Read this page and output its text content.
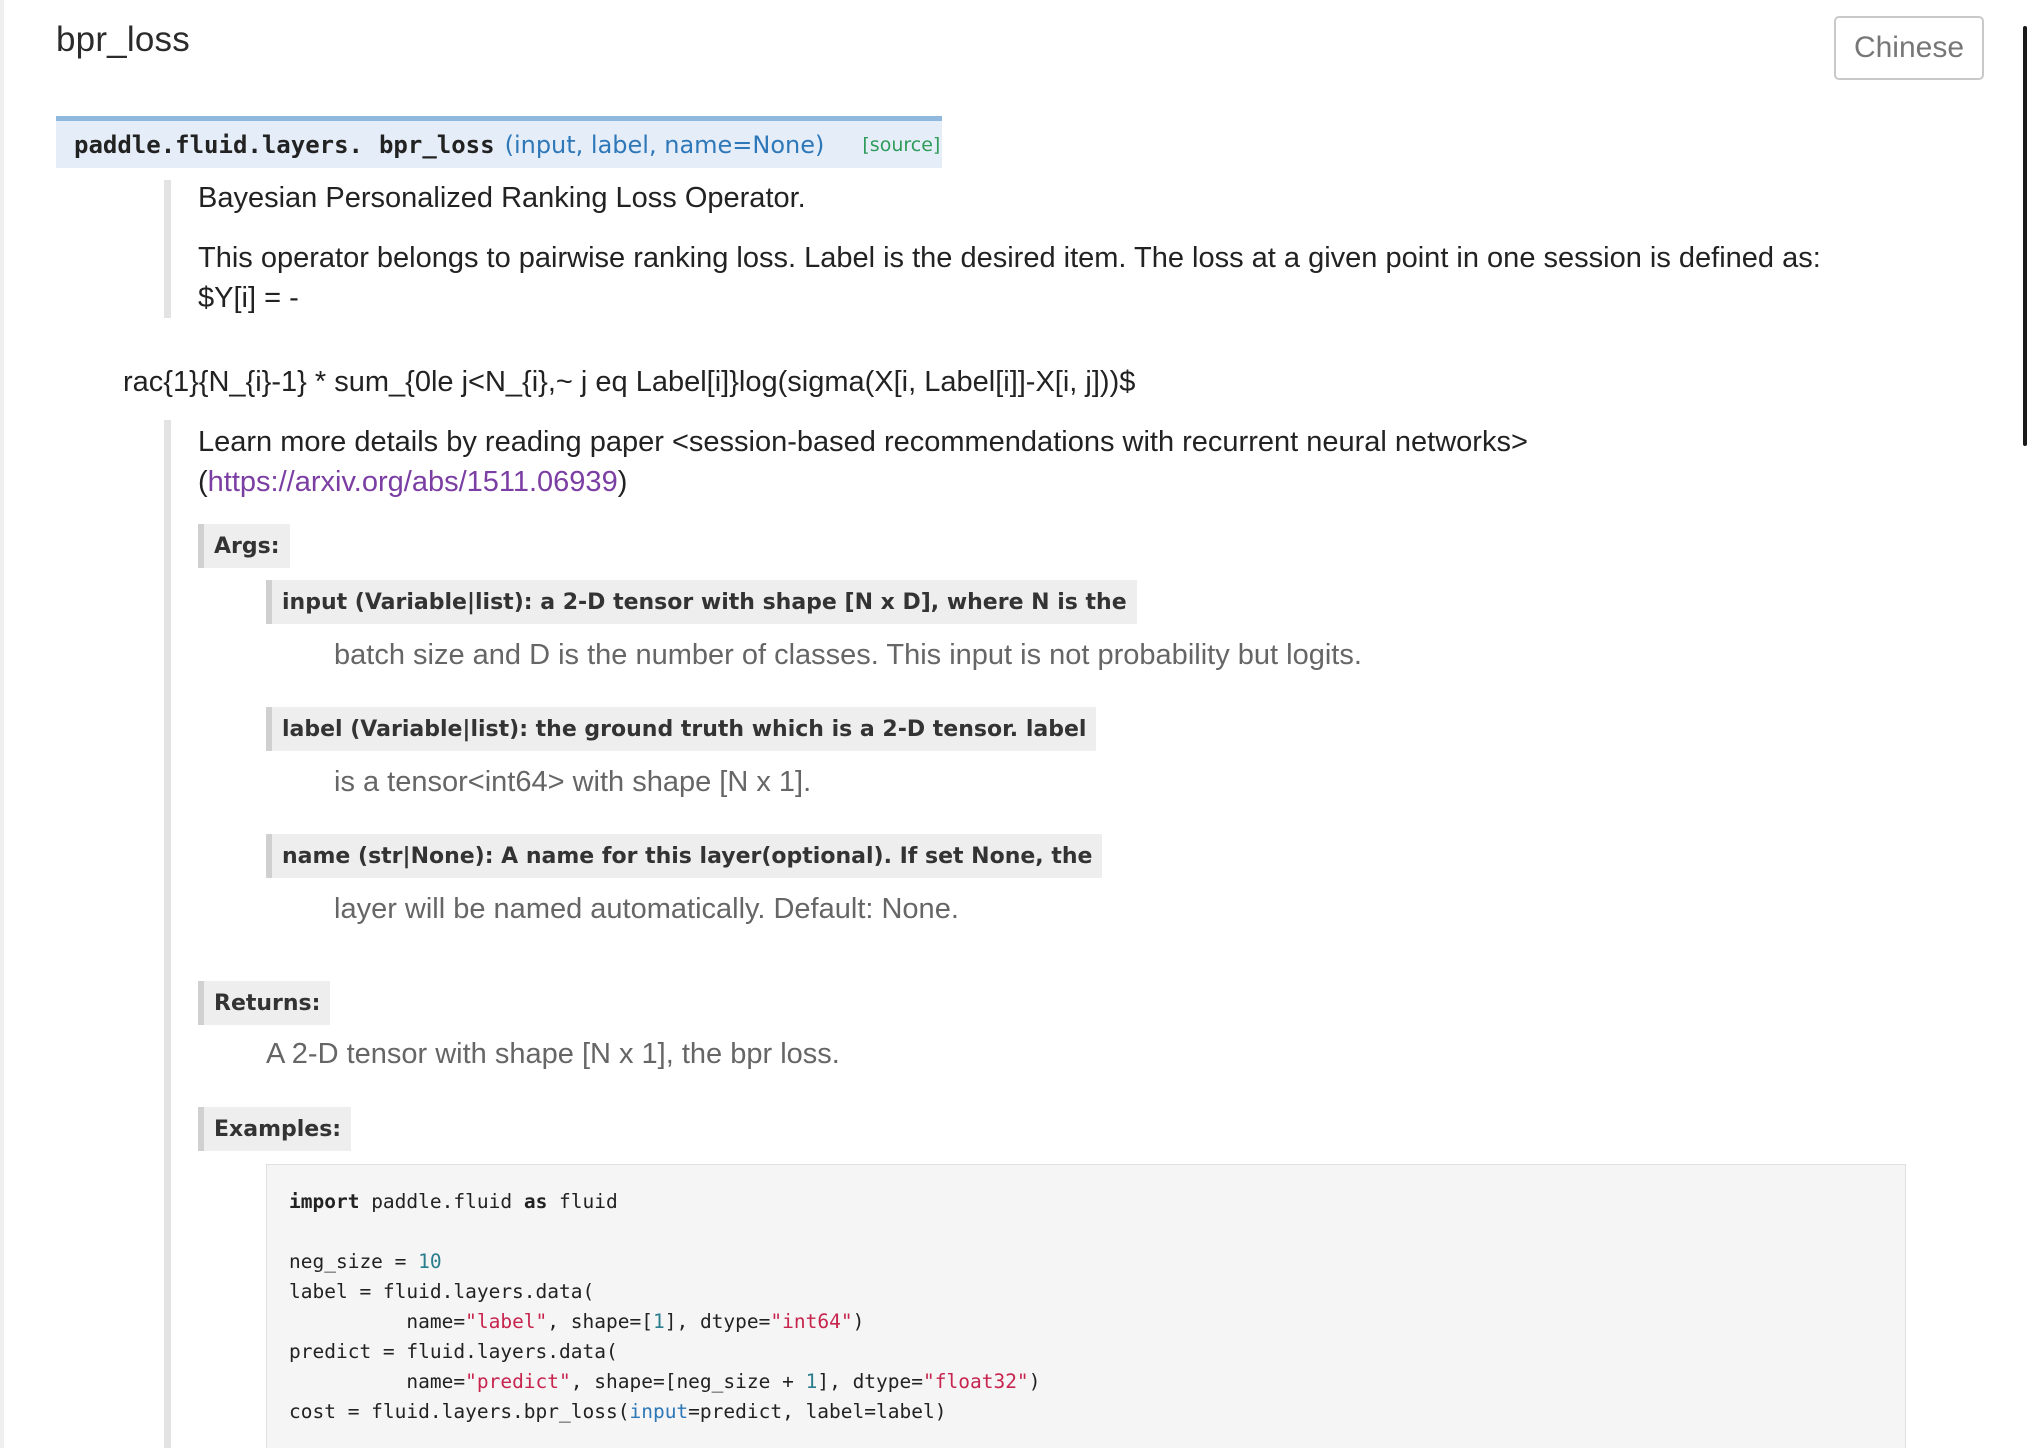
bpr_loss	Chinese
paddle.fluid.layers. bpr_loss (input, label, name=None) [source]

Bayesian Personalized Ranking Loss Operator.

This operator belongs to pairwise ranking loss. Label is the desired item. The loss at a given point in one session is defined as:

$Y[i] = -

rac{1}{N_{i}-1} * sum_{0le j<N_{i},~ j eq Label[i]}log(sigma(X[i, Label[i]]-X[i, j]))$

Learn more details by reading paper <session-based recommendations with recurrent neural networks>

(https://arxiv.org/abs/1511.06939)

Args:
input (Variable|list): a 2-D tensor with shape [N x D], where N is the

batch size and D is the number of classes. This input is not probability but logits.

label (Variable|list): the ground truth which is a 2-D tensor. label

is a tensor<int64> with shape [N x 1].

name (str|None): A name for this layer(optional). If set None, the

layer will be named automatically. Default: None.

Returns:

A 2-D tensor with shape [N x 1], the bpr loss.

Examples:
import paddle.fluid as fluid

neg_size = 10
label = fluid.layers.data(
name="label", shape=[1], dtype="int64")
predict = fluid.layers.data(
name="predict", shape=[neg_size + 1], dtype="float32")
cost = fluid.layers.bpr_loss(input=predict, label=label)
